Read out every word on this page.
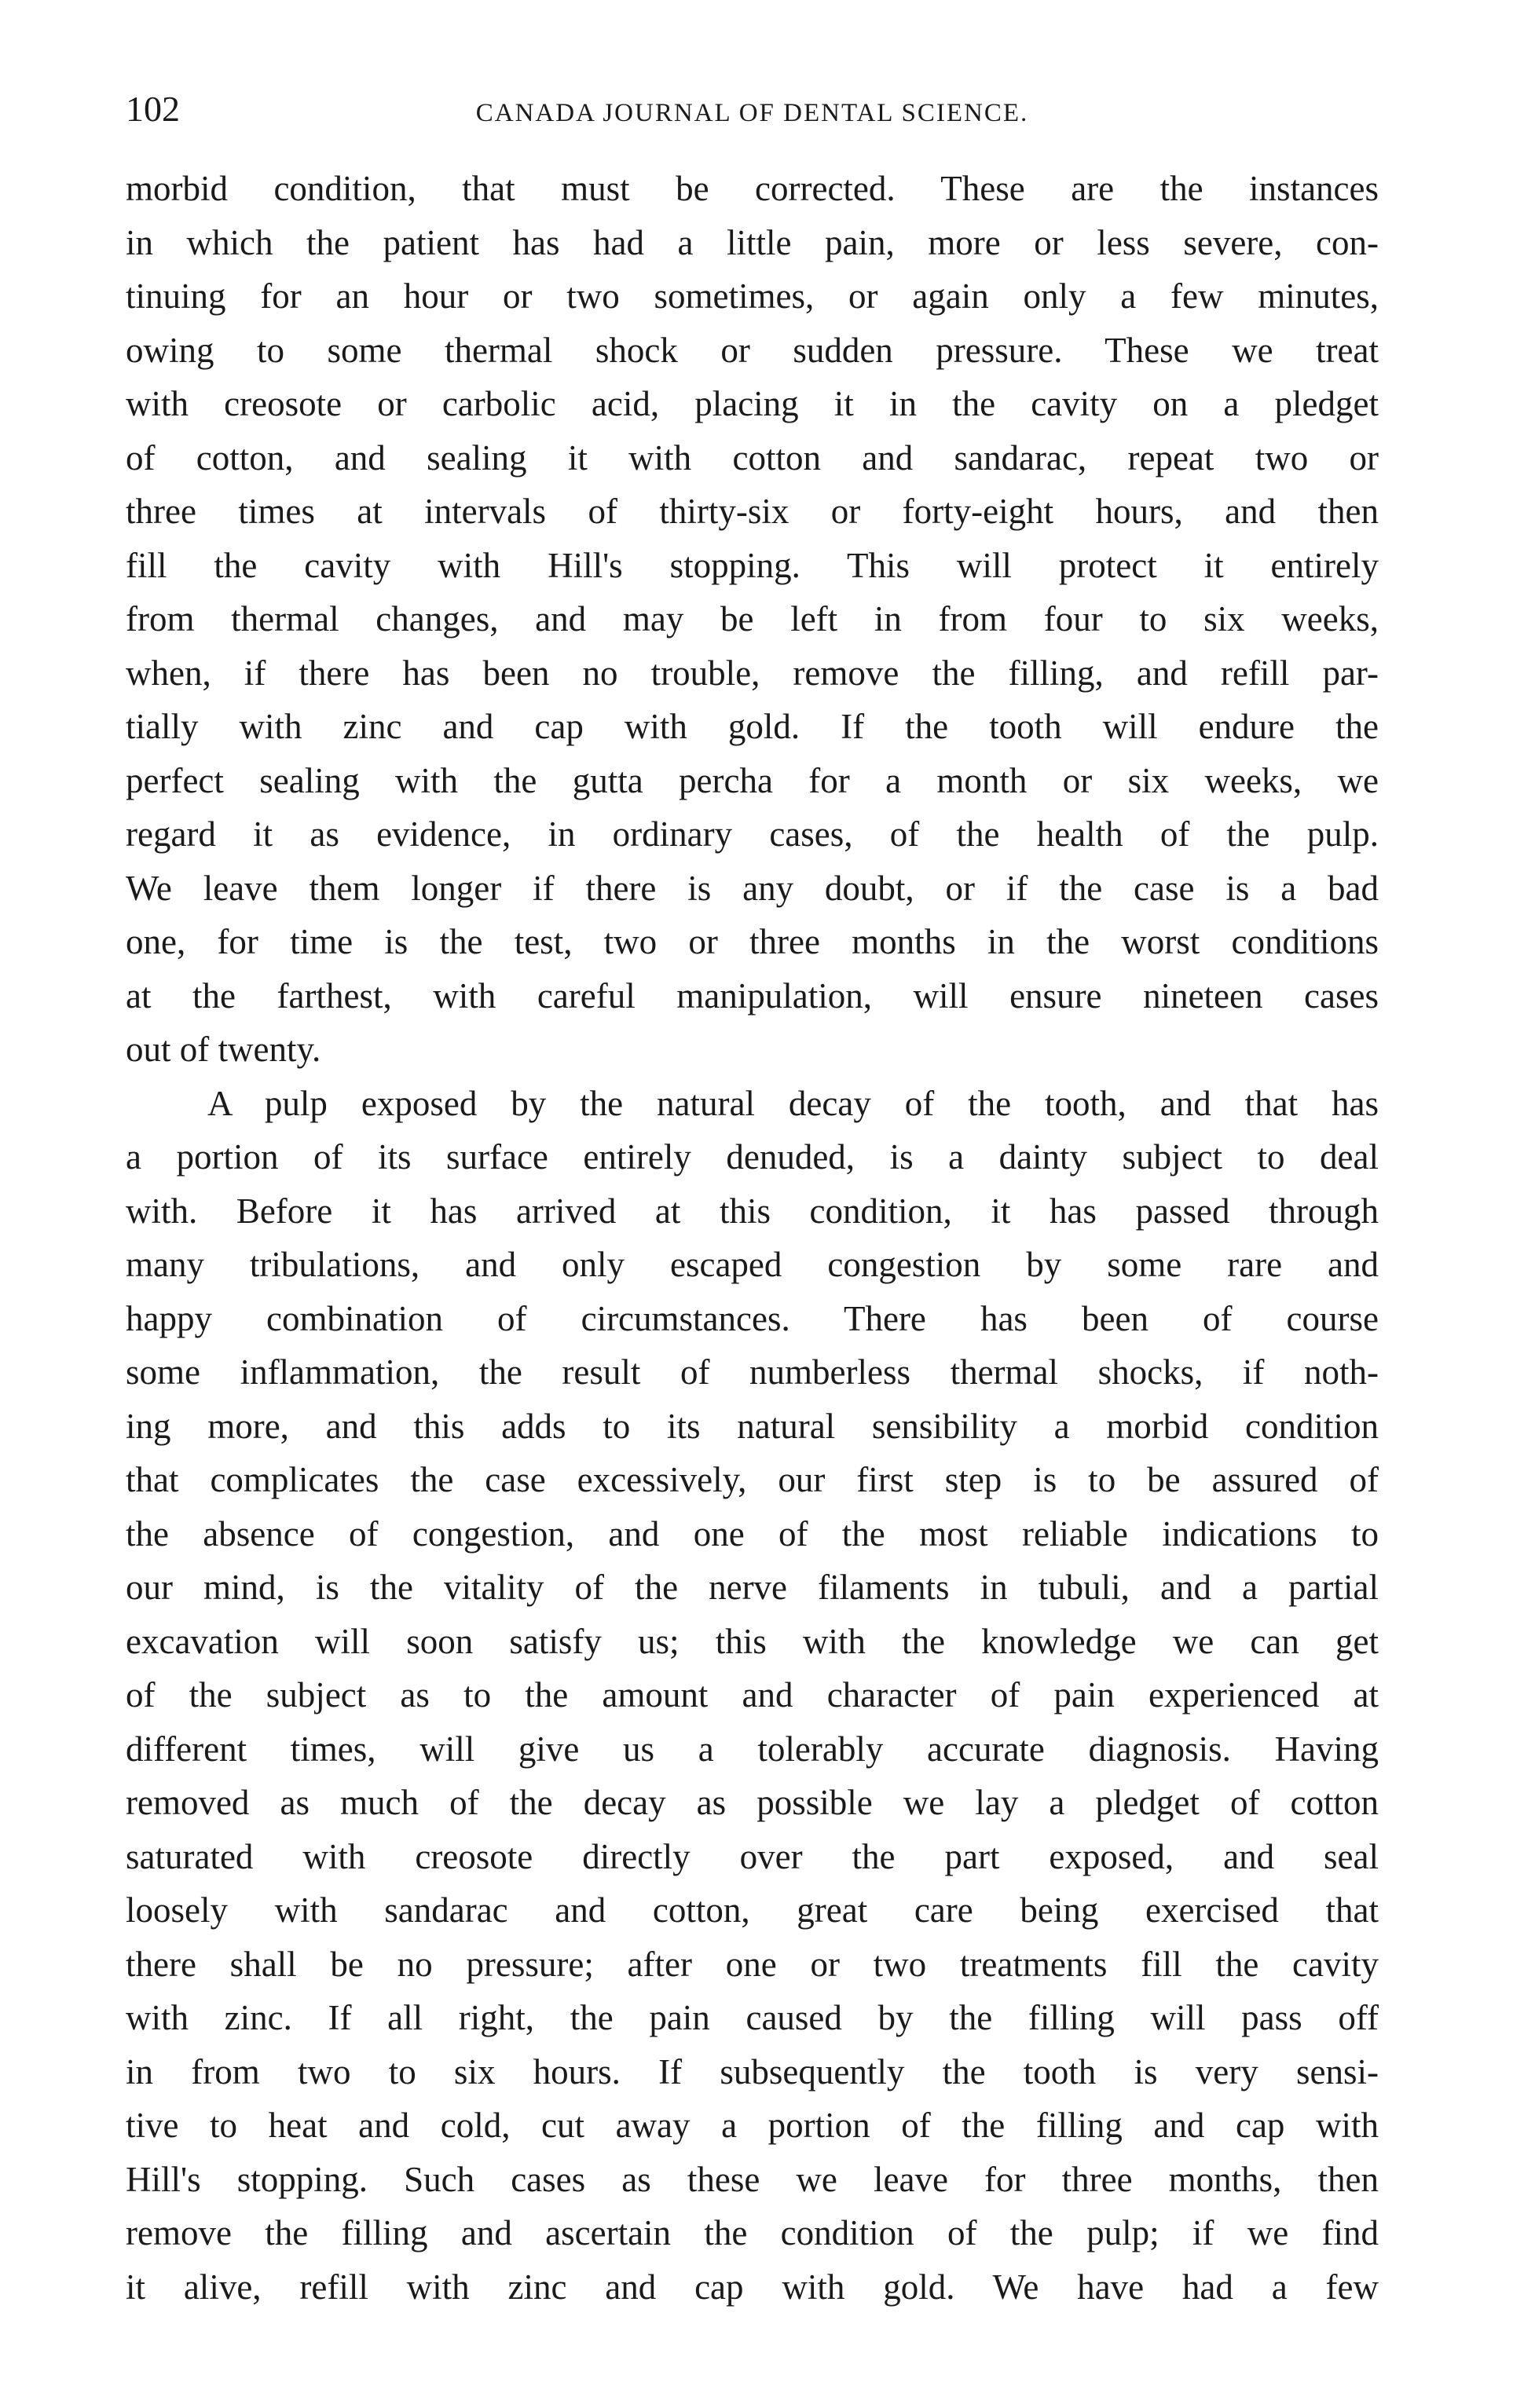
102	CANADA JOURNAL OF DENTAL SCIENCE.
morbid condition, that must be corrected. These are the instances
in which the patient has had a little pain, more or less severe, con-
tinuing for an hour or two sometimes, or again only a few minutes,
owing to some thermal shock or sudden pressure. These we treat
with creosote or carbolic acid, placing it in the cavity on a pledget
of cotton, and sealing it with cotton and sandarac, repeat two or
three times at intervals of thirty-six or forty-eight hours, and then
fill the cavity with Hill's stopping. This will protect it entirely
from thermal changes, and may be left in from four to six weeks,
when, if there has been no trouble, remove the filling, and refill par-
tially with zinc and cap with gold. If the tooth will endure the
perfect sealing with the gutta percha for a month or six weeks, we
regard it as evidence, in ordinary cases, of the health of the pulp.
We leave them longer if there is any doubt, or if the case is a bad
one, for time is the test, two or three months in the worst conditions
at the farthest, with careful manipulation, will ensure nineteen cases
out of twenty.
A pulp exposed by the natural decay of the tooth, and that has
a portion of its surface entirely denuded, is a dainty subject to deal
with. Before it has arrived at this condition, it has passed through
many tribulations, and only escaped congestion by some rare and
happy combination of circumstances. There has been of course
some inflammation, the result of numberless thermal shocks, if noth-
ing more, and this adds to its natural sensibility a morbid condition
that complicates the case excessively, our first step is to be assured of
the absence of congestion, and one of the most reliable indications to
our mind, is the vitality of the nerve filaments in tubuli, and a partial
excavation will soon satisfy us; this with the knowledge we can get
of the subject as to the amount and character of pain experienced at
different times, will give us a tolerably accurate diagnosis. Having
removed as much of the decay as possible we lay a pledget of cotton
saturated with creosote directly over the part exposed, and seal
loosely with sandarac and cotton, great care being exercised that
there shall be no pressure; after one or two treatments fill the cavity
with zinc. If all right, the pain caused by the filling will pass off
in from two to six hours. If subsequently the tooth is very sensi-
tive to heat and cold, cut away a portion of the filling and cap with
Hill's stopping. Such cases as these we leave for three months, then
remove the filling and ascertain the condition of the pulp; if we find
it alive, refill with zinc and cap with gold. We have had a few
